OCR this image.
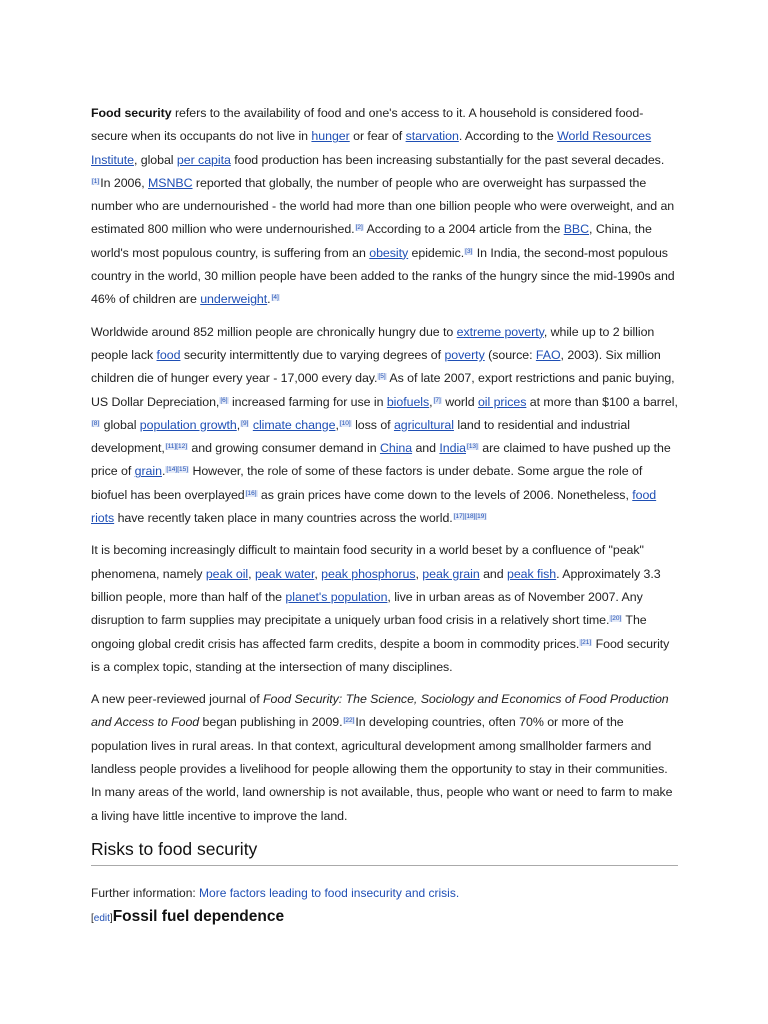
Food security refers to the availability of food and one's access to it. A household is considered food-secure when its occupants do not live in hunger or fear of starvation. According to the World Resources Institute, global per capita food production has been increasing substantially for the past several decades.[1]In 2006, MSNBC reported that globally, the number of people who are overweight has surpassed the number who are undernourished - the world had more than one billion people who were overweight, and an estimated 800 million who were undernourished.[2] According to a 2004 article from the BBC, China, the world's most populous country, is suffering from an obesity epidemic.[3] In India, the second-most populous country in the world, 30 million people have been added to the ranks of the hungry since the mid-1990s and 46% of children are underweight.[4]

Worldwide around 852 million people are chronically hungry due to extreme poverty, while up to 2 billion people lack food security intermittently due to varying degrees of poverty (source: FAO, 2003). Six million children die of hunger every year - 17,000 every day.[5] As of late 2007, export restrictions and panic buying, US Dollar Depreciation,[6] increased farming for use in biofuels,[7] world oil prices at more than $100 a barrel,[8] global population growth,[9] climate change,[10] loss of agricultural land to residential and industrial development,[11][12] and growing consumer demand in China and India[13] are claimed to have pushed up the price of grain.[14][15] However, the role of some of these factors is under debate. Some argue the role of biofuel has been overplayed[16] as grain prices have come down to the levels of 2006. Nonetheless, food riots have recently taken place in many countries across the world.[17][18][19]

It is becoming increasingly difficult to maintain food security in a world beset by a confluence of "peak" phenomena, namely peak oil, peak water, peak phosphorus, peak grain and peak fish. Approximately 3.3 billion people, more than half of the planet's population, live in urban areas as of November 2007. Any disruption to farm supplies may precipitate a uniquely urban food crisis in a relatively short time.[20] The ongoing global credit crisis has affected farm credits, despite a boom in commodity prices.[21] Food security is a complex topic, standing at the intersection of many disciplines.

A new peer-reviewed journal of Food Security: The Science, Sociology and Economics of Food Production and Access to Food began publishing in 2009.[22]In developing countries, often 70% or more of the population lives in rural areas. In that context, agricultural development among smallholder farmers and landless people provides a livelihood for people allowing them the opportunity to stay in their communities. In many areas of the world, land ownership is not available, thus, people who want or need to farm to make a living have little incentive to improve the land.

Risks to food security
Further information: More factors leading to food insecurity and crisis.
[edit]Fossil fuel dependence
